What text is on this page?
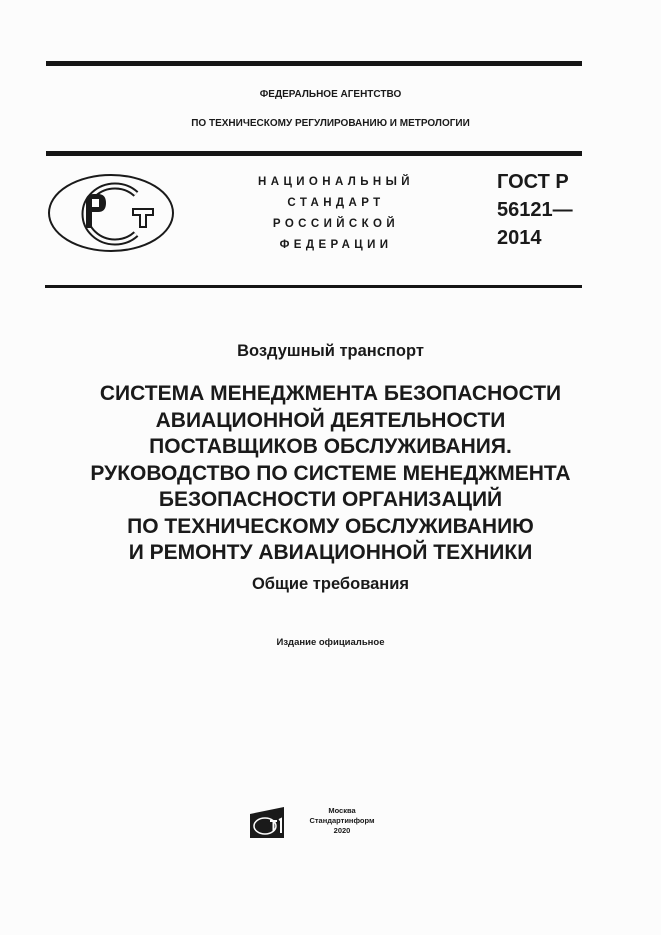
ФЕДЕРАЛЬНОЕ АГЕНТСТВО
ПО ТЕХНИЧЕСКОМУ РЕГУЛИРОВАНИЮ И МЕТРОЛОГИИ
НАЦИОНАЛЬНЫЙ
СТАНДАРТ
РОССИЙСКОЙ
ФЕДЕРАЦИИ
ГОСТ Р
56121—
2014
Воздушный транспорт
СИСТЕМА МЕНЕДЖМЕНТА БЕЗОПАСНОСТИ
АВИАЦИОННОЙ ДЕЯТЕЛЬНОСТИ
ПОСТАВЩИКОВ ОБСЛУЖИВАНИЯ.
РУКОВОДСТВО ПО СИСТЕМЕ МЕНЕДЖМЕНТА
БЕЗОПАСНОСТИ ОРГАНИЗАЦИЙ
ПО ТЕХНИЧЕСКОМУ ОБСЛУЖИВАНИЮ
И РЕМОНТУ АВИАЦИОННОЙ ТЕХНИКИ
Общие требования
Издание официальное
Москва
Стандартинформ
2020
